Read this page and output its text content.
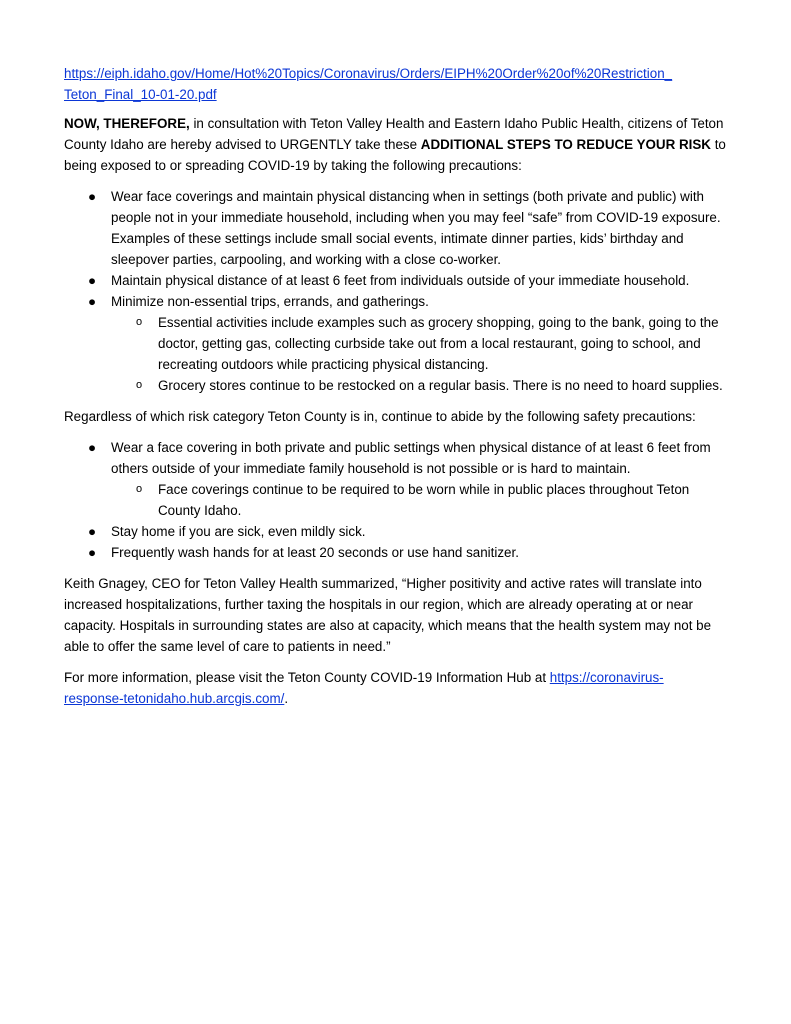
https://eiph.idaho.gov/Home/Hot%20Topics/Coronavirus/Orders/EIPH%20Order%20of%20Restriction_
Teton_Final_10-01-20.pdf

NOW, THEREFORE, in consultation with Teton Valley Health and Eastern Idaho Public Health, citizens of Teton County Idaho are hereby advised to URGENTLY take these ADDITIONAL STEPS TO REDUCE YOUR RISK to being exposed to or spreading COVID-19 by taking the following precautions:

● Wear face coverings and maintain physical distancing when in settings (both private and public) with people not in your immediate household, including when you may feel “safe” from COVID-19 exposure. Examples of these settings include small social events, intimate dinner parties, kids’ birthday and sleepover parties, carpooling, and working with a close co-worker.
● Maintain physical distance of at least 6 feet from individuals outside of your immediate household.
● Minimize non-essential trips, errands, and gatherings.
o Essential activities include examples such as grocery shopping, going to the bank, going to the doctor, getting gas, collecting curbside take out from a local restaurant, going to school, and recreating outdoors while practicing physical distancing.
o Grocery stores continue to be restocked on a regular basis. There is no need to hoard supplies.

Regardless of which risk category Teton County is in, continue to abide by the following safety precautions:

● Wear a face covering in both private and public settings when physical distance of at least 6 feet from others outside of your immediate family household is not possible or is hard to maintain.
o Face coverings continue to be required to be worn while in public places throughout Teton County Idaho.
● Stay home if you are sick, even mildly sick.
● Frequently wash hands for at least 20 seconds or use hand sanitizer.

Keith Gnagey, CEO for Teton Valley Health summarized, “Higher positivity and active rates will translate into increased hospitalizations, further taxing the hospitals in our region, which are already operating at or near capacity. Hospitals in surrounding states are also at capacity, which means that the health system may not be able to offer the same level of care to patients in need.”

For more information, please visit the Teton County COVID-19 Information Hub at https://coronavirus-
response-tetonidaho.hub.arcgis.com/.
